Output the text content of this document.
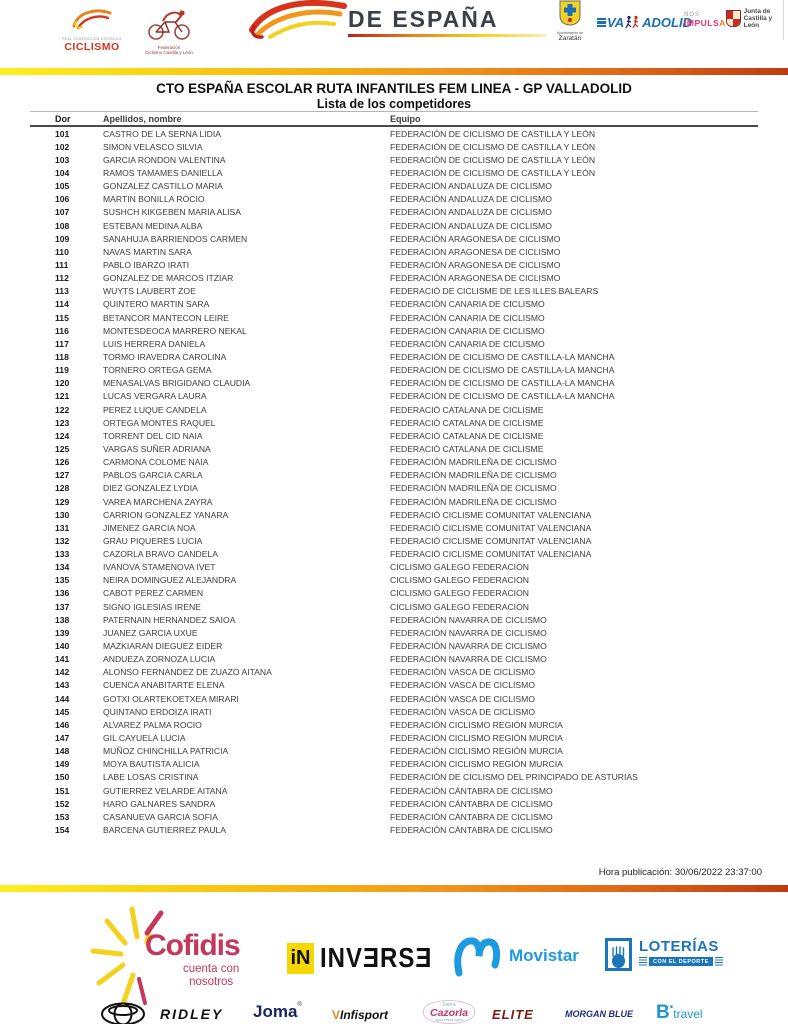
REAL FEDERACIÓN ESPAÑOLA
CICLISMO	Federación
Ciclismo Castilla y León
DE ESPAÑA
Ayuntamiento de
Zaratán
VA ADOLID
NOS
IMPULSA
Junta de
Castilla y León
CTO ESPAÑA ESCOLAR RUTA INFANTILES FEM LINEA - GP VALLADOLID
Lista de los competidores
Dor	Apellidos, nombre	Equipo
101	CASTRO DE LA SERNA LIDIA	FEDERACIÓN DE CICLISMO DE CASTILLA Y LEÓN
102	SIMON VELASCO SILVIA	FEDERACIÓN DE CICLISMO DE CASTILLA Y LEÓN
103	GARCIA RONDON VALENTINA	FEDERACIÓN DE CICLISMO DE CASTILLA Y LEÓN
104	RAMOS TAMAMES DANIELLA	FEDERACIÓN DE CICLISMO DE CASTILLA Y LEÓN
105	GONZALEZ CASTILLO MARIA	FEDERACIÓN ANDALUZA DE CICLISMO
106	MARTIN BONILLA ROCIO	FEDERACIÓN ANDALUZA DE CICLISMO
107	SUSHCH KIKGEBEN MARIA ALISA	FEDERACIÓN ANDALUZA DE CICLISMO
108	ESTEBAN MEDINA ALBA	FEDERACIÓN ANDALUZA DE CICLISMO
109	SANAHUJA BARRIENDOS CARMEN	FEDERACIÓN ARAGONESA DE CICLISMO
110	NAVAS MARTIN SARA	FEDERACIÓN ARAGONESA DE CICLISMO
111	PABLO IBARZO IRATI	FEDERACIÓN ARAGONESA DE CICLISMO
112	GONZALEZ DE MARCOS ITZIAR	FEDERACIÓN ARAGONESA DE CICLISMO
113	WUYTS LAUBERT ZOE	FEDERACIÓ DE CICLISME DE LES ILLES BALEARS
114	QUINTERO MARTIN SARA	FEDERACIÓN CANARIA DE CICLISMO
115	BETANCOR MANTECON LEIRE	FEDERACIÓN CANARIA DE CICLISMO
116	MONTESDEOCA MARRERO NEKAL	FEDERACIÓN CANARIA DE CICLISMO
117	LUIS HERRERA DANIELA	FEDERACIÓN CANARIA DE CICLISMO
118	TORMO IRAVEDRA CAROLINA	FEDERACIÓN DE CICLISMO DE CASTILLA-LA MANCHA
119	TORNERO ORTEGA GEMA	FEDERACIÓN DE CICLISMO DE CASTILLA-LA MANCHA
120	MENASALVAS BRIGIDANO CLAUDIA	FEDERACIÓN DE CICLISMO DE CASTILLA-LA MANCHA
121	LUCAS VERGARA LAURA	FEDERACIÓN DE CICLISMO DE CASTILLA-LA MANCHA
122	PEREZ LUQUE CANDELA	FEDERACIÓ CATALANA DE CICLISME
123	ORTEGA MONTES RAQUEL	FEDERACIÓ CATALANA DE CICLISME
124	TORRENT DEL CID NAIA	FEDERACIÓ CATALANA DE CICLISME
125	VARGAS SUÑER ADRIANA	FEDERACIÓ CATALANA DE CICLISME
126	CARMONA COLOME NAIA	FEDERACIÓN MADRILEÑA DE CICLISMO
127	PABLOS GARCIA CARLA	FEDERACIÓN MADRILEÑA DE CICLISMO
128	DIEZ GONZALEZ LYDIA	FEDERACIÓN MADRILEÑA DE CICLISMO
129	VAREA MARCHENA ZAYRA	FEDERACIÓN MADRILEÑA DE CICLISMO
130	CARRION GONZALEZ YANARA	FEDERACIÓ CICLISME COMUNITAT VALENCIANA
131	JIMENEZ GARCIA NOA	FEDERACIÓ CICLISME COMUNITAT VALENCIANA
132	GRAU PIQUERES LUCIA	FEDERACIÓ CICLISME COMUNITAT VALENCIANA
133	CAZORLA BRAVO CANDELA	FEDERACIÓ CICLISME COMUNITAT VALENCIANA
134	IVANOVA STAMENOVA IVET	CICLISMO GALEGO FEDERACION
135	NEIRA DOMINGUEZ ALEJANDRA	CICLISMO GALEGO FEDERACION
136	CABOT PEREZ CARMEN	CICLISMO GALEGO FEDERACION
137	SIGNO IGLESIAS IRENE	CICLISMO GALEGO FEDERACION
138	PATERNAIN HERNANDEZ SAIOA	FEDERACIÓN NAVARRA DE CICLISMO
139	JUANEZ GARCIA UXUE	FEDERACIÓN NAVARRA DE CICLISMO
140	MAZKIARAN DIEGUEZ EIDER	FEDERACIÓN NAVARRA DE CICLISMO
141	ANDUEZA ZORNOZA LUCIA	FEDERACIÓN NAVARRA DE CICLISMO
142	ALONSO FERNANDEZ DE ZUAZO AITANA	FEDERACIÓN VASCA DE CICLISMO
143	CUENCA ANABITARTE ELENA	FEDERACIÓN VASCA DE CICLISMO
144	GOTXI OLARTEKOETXEA MIRARI	FEDERACIÓN VASCA DE CICLISMO
145	QUINTANO ERDOIZA IRATI	FEDERACIÓN VASCA DE CICLISMO
146	ALVAREZ PALMA ROCIO	FEDERACIÓN CICLISMO REGIÓN MURCIA
147	GIL CAYUELA LUCIA	FEDERACIÓN CICLISMO REGIÓN MURCIA
148	MUÑOZ CHINCHILLA PATRICIA	FEDERACIÓN CICLISMO REGIÓN MURCIA
149	MOYA BAUTISTA ALICIA	FEDERACIÓN CICLISMO REGIÓN MURCIA
150	LABE LOSAS CRISTINA	FEDERACIÓN DE CICLISMO DEL PRINCIPADO DE ASTURIAS
151	GUTIERREZ VELARDE AITANA	FEDERACIÓN CÁNTABRA DE CICLISMO
152	HARO GALNARES SANDRA	FEDERACIÓN CÁNTABRA DE CICLISMO
153	CASANUEVA GARCIA SOFIA	FEDERACIÓN CÁNTABRA DE CICLISMO
154	BARCENA GUTIERREZ PAULA	FEDERACIÓN CÁNTABRA DE CICLISMO
Hora publicación: 30/06/2022 23:37:00
Cofidis
cuenta con
nosotros
iN INVƎRSƎ	Movistar	LOTERÍAS
CON EL DEPORTE
RIDLEY Joma®
VInfisport
Sierra
Cazorla
agua fresca sabor	ELITE	MORGAN BLUE B•travel
